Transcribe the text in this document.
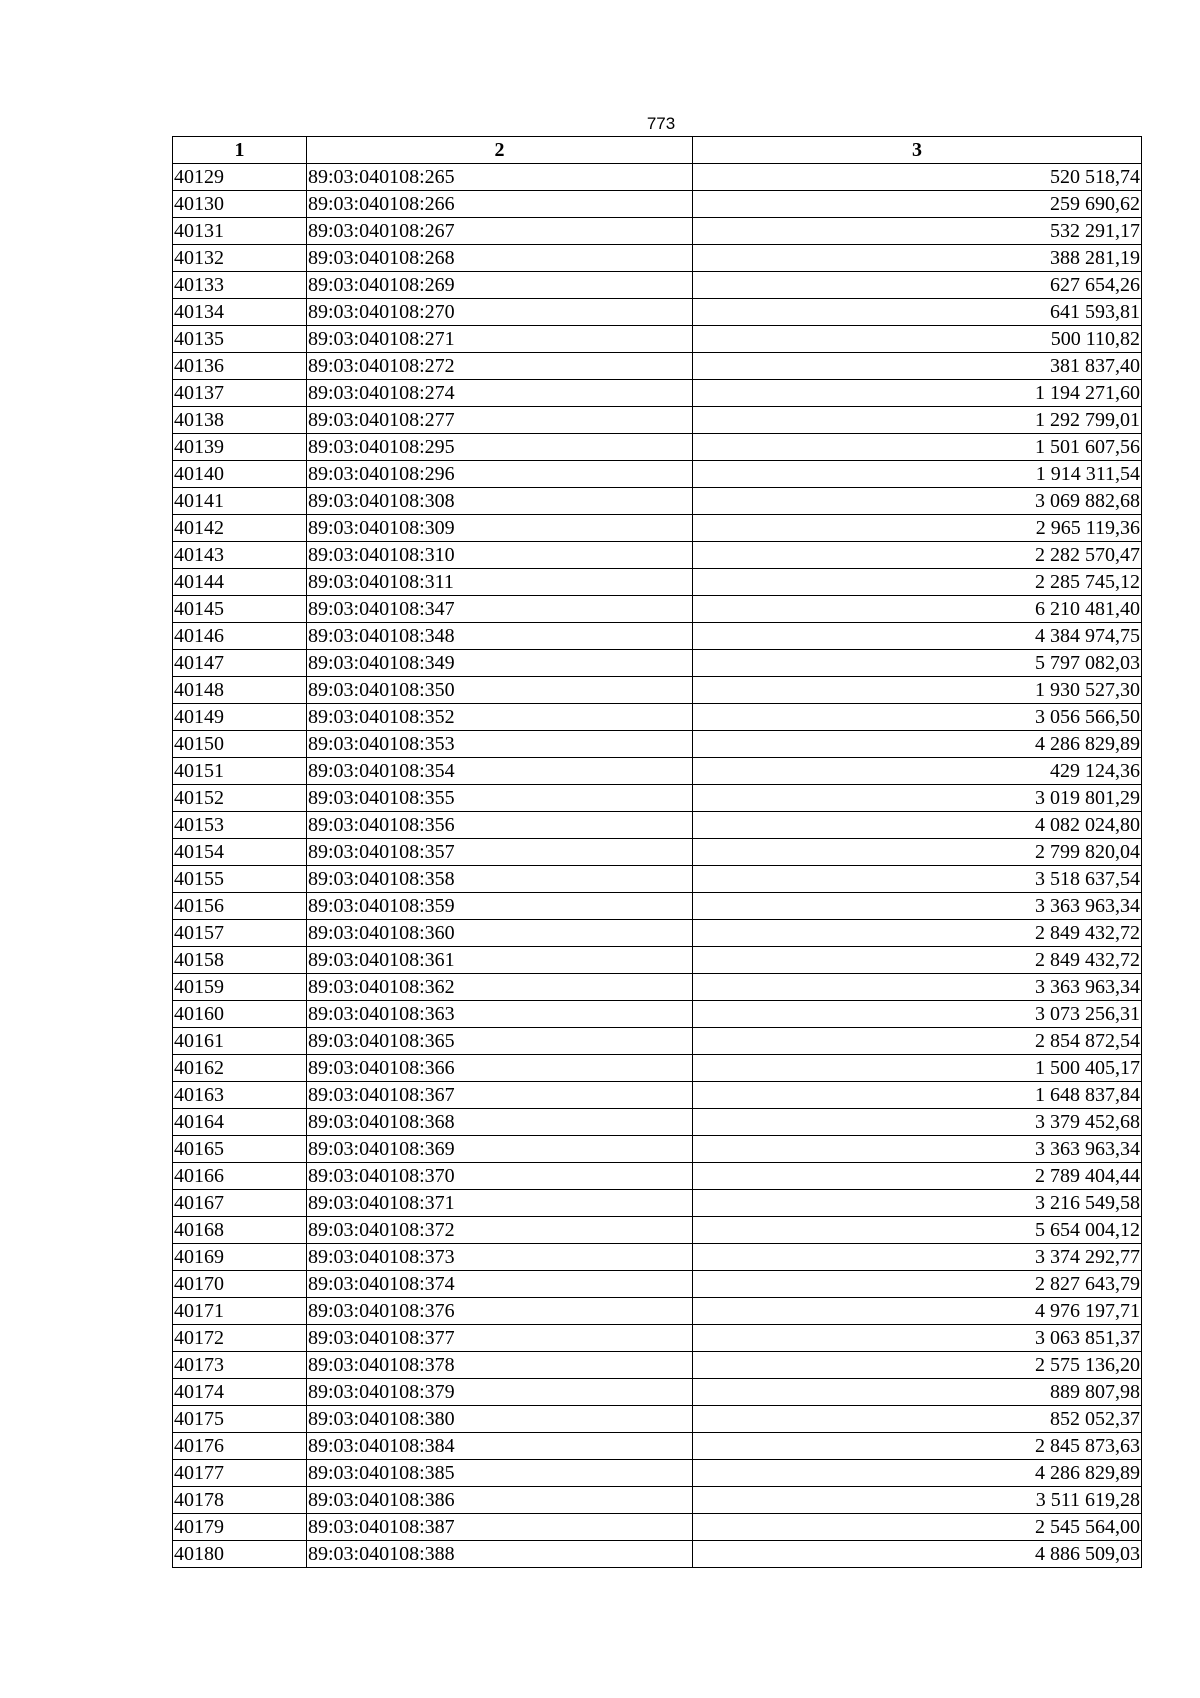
773
1	2	3
40129	89:03:040108:265	520 518,74
40130	89:03:040108:266	259 690,62
40131	89:03:040108:267	532 291,17
40132	89:03:040108:268	388 281,19
40133	89:03:040108:269	627 654,26
40134	89:03:040108:270	641 593,81
40135	89:03:040108:271	500 110,82
40136	89:03:040108:272	381 837,40
40137	89:03:040108:274	1 194 271,60
40138	89:03:040108:277	1 292 799,01
40139	89:03:040108:295	1 501 607,56
40140	89:03:040108:296	1 914 311,54
40141	89:03:040108:308	3 069 882,68
40142	89:03:040108:309	2 965 119,36
40143	89:03:040108:310	2 282 570,47
40144	89:03:040108:311	2 285 745,12
40145	89:03:040108:347	6 210 481,40
40146	89:03:040108:348	4 384 974,75
40147	89:03:040108:349	5 797 082,03
40148	89:03:040108:350	1 930 527,30
40149	89:03:040108:352	3 056 566,50
40150	89:03:040108:353	4 286 829,89
40151	89:03:040108:354	429 124,36
40152	89:03:040108:355	3 019 801,29
40153	89:03:040108:356	4 082 024,80
40154	89:03:040108:357	2 799 820,04
40155	89:03:040108:358	3 518 637,54
40156	89:03:040108:359	3 363 963,34
40157	89:03:040108:360	2 849 432,72
40158	89:03:040108:361	2 849 432,72
40159	89:03:040108:362	3 363 963,34
40160	89:03:040108:363	3 073 256,31
40161	89:03:040108:365	2 854 872,54
40162	89:03:040108:366	1 500 405,17
40163	89:03:040108:367	1 648 837,84
40164	89:03:040108:368	3 379 452,68
40165	89:03:040108:369	3 363 963,34
40166	89:03:040108:370	2 789 404,44
40167	89:03:040108:371	3 216 549,58
40168	89:03:040108:372	5 654 004,12
40169	89:03:040108:373	3 374 292,77
40170	89:03:040108:374	2 827 643,79
40171	89:03:040108:376	4 976 197,71
40172	89:03:040108:377	3 063 851,37
40173	89:03:040108:378	2 575 136,20
40174	89:03:040108:379	889 807,98
40175	89:03:040108:380	852 052,37
40176	89:03:040108:384	2 845 873,63
40177	89:03:040108:385	4 286 829,89
40178	89:03:040108:386	3 511 619,28
40179	89:03:040108:387	2 545 564,00
40180	89:03:040108:388	4 886 509,03
